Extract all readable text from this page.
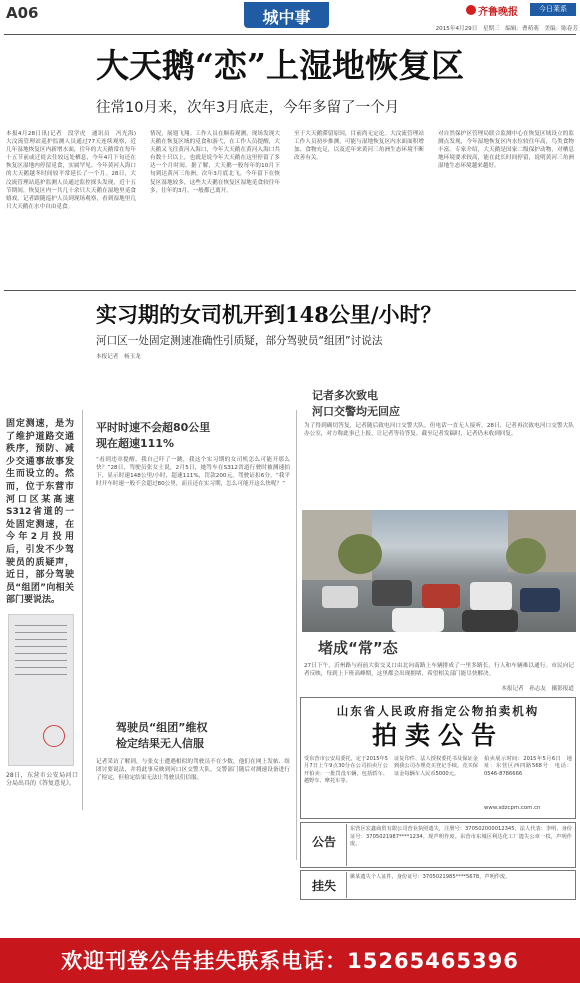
A06	城中事	齐鲁晚报	今日莱系
2015年4月29日　星期三　编辑：曹萌萌　美编：陈春芳
大天鹅“恋”上湿地恢复区
往常10月来，次年3月底走，今年多留了一个月
本报4月28日讯(记者　段学虎　通讯员　冯光海)　大汶流管理站巡护监测人员通过77天连续观察，近几年湿地恢复区内新增水面，往年的大天鹅常在每年十五节前或迁徙去往较远处栖息，今年4月下旬还在恢复区湿地内停留觅食，实属罕见。今年黄河入海口的大天鹅越冬时间较平常延长了一个月。28日，大汶流管理站巡护监测人员通过监控探头发现，近十五节期间，恢复区内一共几十余只大天鹅在湿地里觅食嬉戏，记者跟随巡护人员到现场观察，看到湿地里几只大天鹅在水中自由觅食。
情况，展翅飞翔。工作人员在顺着观测，现场发现大天鹅在恢复区域的觅食和游弋，在工作人员提醒，大天鹅又飞往黄河入海口，今年大天鹅在黄河入海口共有数十只以上，也就是说今年大天鹅在这里停留了多达一个月时间。据了解，大天鹅一般每年的10月下旬到达黄河三角洲，次年3月底北飞。今年留下在恢复区湿地较多，这些大天鹅在恢复区湿地觅食较往年多，往年的3月，一般都已离开。
至于大天鹅滞留原因，目前尚无定论。大汶流管理站工作人员初步推测，可能与湿地恢复区内水面面积增加、食物充足，以及近年来黄河三角洲生态环境不断改善有关。
对自然保护区管理局联合监测中心在恢复区域设立的监测点发现，今年湿地恢复区内水位较往年高，鸟类食物丰富。专家介绍，大天鹅是国家二级保护动物，对栖息地环境要求较高，能在此长时间停留，说明黄河三角洲湿地生态环境越来越好。
实习期的女司机开到148公里/小时？
河口区一处固定测速准确性引质疑，部分驾驶员“组团”讨说法
本报记者　杨玉龙
固定测速，是为了维护道路交通秩序，预防、减少交通事故事发生而设立的。然而，位于东营市河口区某高速S312省道的一处固定测速，在今年2月投用后，引发不少驾驶员的质疑声，近日，部分驾驶员“组团”向相关部门要说法。
28日，东营市公安局河口分局出具的《答复意见》。
平时时速不会超80公里
现在超速111%
“看到违章提醒，我自己吓了一跳，我这个实习期的女司机怎么可能开那么快？”28日，驾驶员张女士说，2月5日，她驾车在S312省道行驶时被测速拍下，显示时速148公里/小时，超速111%，罚款200元，驾驶证扣6分。“我平时开车时速一般不会超过80公里，而且还在实习期，怎么可能开这么快呢？”
驾驶员“组团”维权
检定结果无人信服
记者采访了解到，与张女士遭遇相似的驾驶员不在少数，他们在网上发帖、组团讨要说法，并将此事反映到河口区交警大队，交警部门随后对测速设备进行了检定，但检定结果无法让驾驶员们信服。
记者多次致电
河口交警均无回应
为了得到确切答复，记者随后致电河口交警大队，但电话一直无人接听。28日，记者再次致电河口交警大队办公室，对方称此事已上报，让记者等待答复。截至记者发稿时，记者仍未收到回复。
堵成“常”态
27日下午，沂州路与府前大街交叉口由北向南路上车辆排成了一里多路长，行人和车辆难以通行。市民向记者反映，每到上下班高峰期，这里都会出现拥堵，希望相关部门能尽快解决。
本报记者　孙志友　摄影报道
山东省人民政府指定公物拍卖机构
拍卖公告
受东营市公安局委托，定于2015年5月7日上午9点30分在公司拍卖厅公开拍卖：一批罚没车辆，包括轿车、越野车、摩托车等。
证复印件、法人授权委托书及保证金到我公司办理竞买登记手续。竞买保证金每辆车人民币5000元。
拍卖展示时间：2015年5月6日　地址：东营区西四路568号　电话：0546-8786666
www.sdzcpm.com.cn
公告
东营区宏鑫商贸有限公司营业执照遗失，注册号：370502000012345，法人代表：李明，身份证号：3705021987****1234。现声明作废。东营市东城区利达化工厂遗失公章一枚，声明作废。
挂失
姚某遗失个人证件，身份证号：3705021985****5678，声明作废。
欢迎刊登公告挂失联系电话：15265465396
